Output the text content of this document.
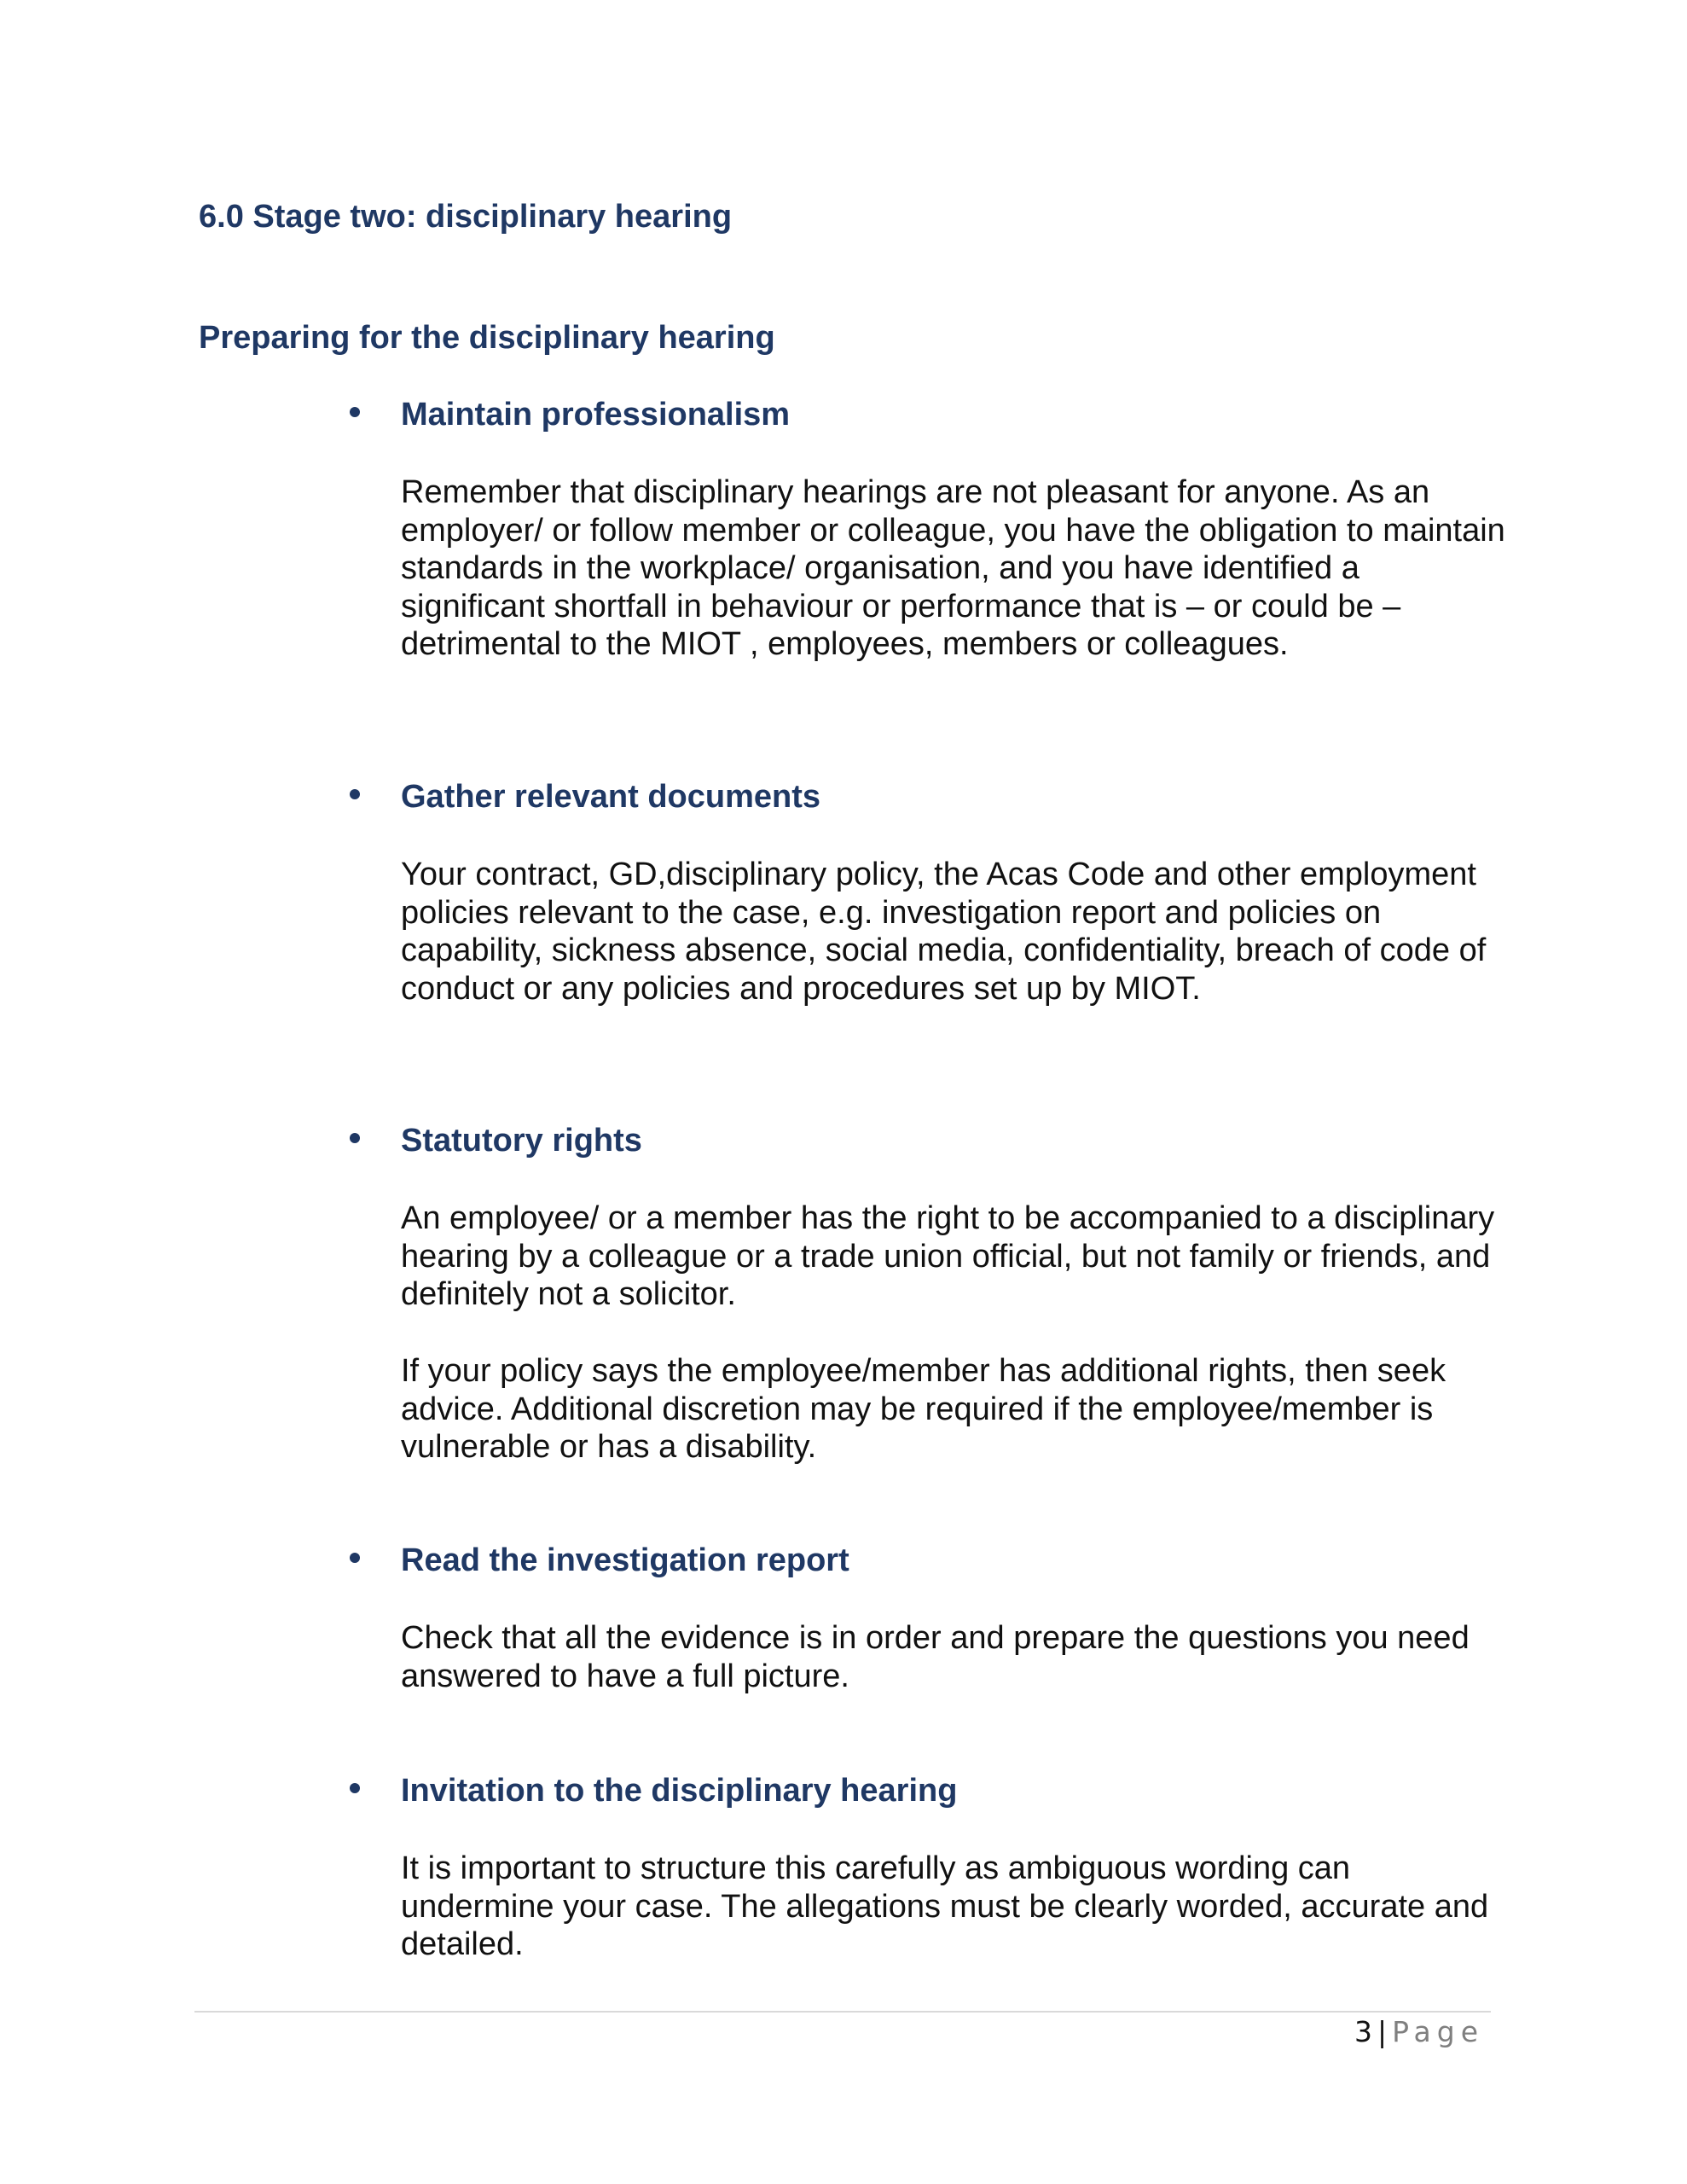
6.0 Stage two: disciplinary hearing
Preparing for the disciplinary hearing
Maintain professionalism

Remember that disciplinary hearings are not pleasant for anyone. As an employer/ or follow member or colleague, you have the obligation to maintain standards in the workplace/ organisation, and you have identified a significant shortfall in behaviour or performance that is – or could be – detrimental to the MIOT , employees, members or colleagues.

Gather relevant documents

Your contract, GD,disciplinary policy, the Acas Code and other employment policies relevant to the case, e.g. investigation report and policies on capability, sickness absence, social media, confidentiality, breach of code of conduct or any policies and procedures set up by MIOT.

Statutory rights

An employee/ or a member has the right to be accompanied to a disciplinary hearing by a colleague or a trade union official, but not family or friends, and definitely not a solicitor.

If your policy says the employee/member has additional rights, then seek advice. Additional discretion may be required if the employee/member is vulnerable or has a disability.

Read the investigation report

Check that all the evidence is in order and prepare the questions you need answered to have a full picture.

Invitation to the disciplinary hearing

It is important to structure this carefully as ambiguous wording can undermine your case. The allegations must be clearly worded, accurate and detailed.

3 | Page
